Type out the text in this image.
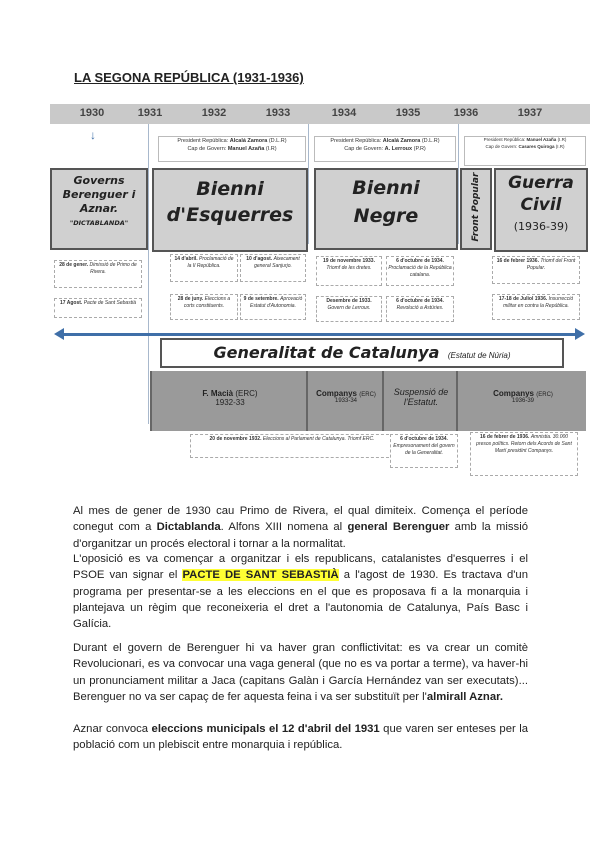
LA SEGONA REPÚBLICA (1931-1936)
1930	1931	1932	1933	1934	1935	1936	1937
↓	President República: Alcalá Zamora (D.L.R)
Cap de Govern: Manuel Azaña (I.R)
President República: Alcalá Zamora (D.L.R)
Cap de Govern: A. Lerroux (P.R)
President República: Manuel Azaña (I.R)
Cap de Govern: Casares Quiroga (I.R)
Governs
Berenguer i
Aznar.
"DICTABLANDA"
Bienni
d'Esquerres
Bienni
Negre	Front Popular	Guerra
Civil
(1936-39)
28 de gener. Dimissió de Primo de Rivera.
17 Agost. Pacte de Sant Sebastià
14 d'abril. Proclamació de la II República.
10 d'agost. Aixecament general Sanjurjo.
28 de juny. Eleccions a corts constituents.
9 de setembre. Aprovació Estatut d'Autonomia.
19 de novembre 1933. Triomf de les dretes.
6 d'octubre de 1934. Proclamació de la República catalana.
Desembre de 1933. Govern de Lerroux.
6 d'octubre de 1934. Revolució a Astúries.
16 de febrer 1936. Triomf del Front Popular.
17-18 de Juliol 1936. Insurrecció militar en contra la República.
Generalitat de Catalunya (Estatut de Núria)
F. Macià (ERC)
1932-33
Companys (ERC)
1933-34
Suspensió de
l'Estatut.
Companys (ERC)
1936-39
20 de novembre 1932. Eleccions al Parlament de Catalunya. Triomf ERC.	6 d'octubre de 1934. Empresonament del govern de la Generalitat.
16 de febrer de 1936. Amnistia. 30.000 presos polítics. Retorn dels Acords de Sant Martí presidint Companys.
Al mes de gener de 1930 cau Primo de Rivera, el qual dimiteix. Comença el període conegut com a Dictablanda. Alfons XIII nomena al general Berenguer amb la missió d'organitzar un procés electoral i tornar a la normalitat.
L'oposició es va començar a organitzar i els republicans, catalanistes d'esquerres i el PSOE van signar el PACTE DE SANT SEBASTIÀ a l'agost de 1930. Es tractava d'un programa per presentar-se a les eleccions en el que es proposava fi a la monarquia i plantejava un règim que reconeixeria el dret a l'autonomia de Catalunya, País Basc i Galícia.
Durant el govern de Berenguer hi va haver gran conflictivitat: es va crear un comitè Revolucionari, es va convocar una vaga general (que no es va portar a terme), va haver-hi un pronunciament militar a Jaca (capitans Galàn i García Hernández van ser executats)... Berenguer no va ser capaç de fer aquesta feina i va ser substituït per l'almirall Aznar.
Aznar convoca eleccions municipals el 12 d'abril del 1931 que varen ser enteses per la població com un plebiscit entre monarquia i república.
